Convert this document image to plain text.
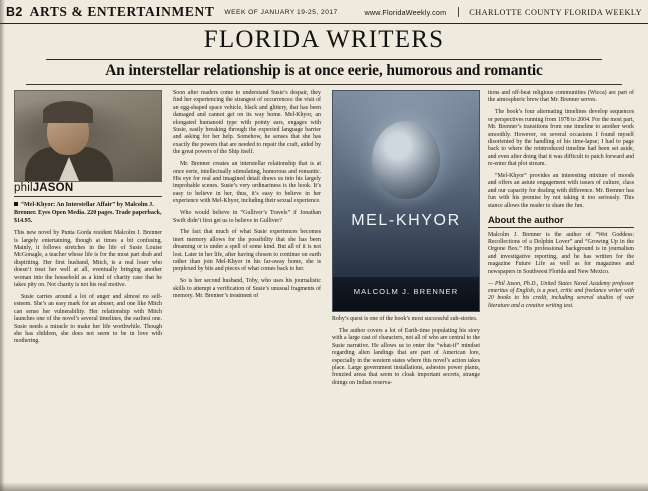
B2 ARTS & ENTERTAINMENT WEEK OF JANUARY 19-25, 2017	www.FloridaWeekly.com	CHARLOTTE COUNTY FLORIDA WEEKLY
FLORIDA WRITERS
An interstellar relationship is at once eerie, humorous and romantic
philJASON
“Mel-Khyor: An Interstellar Affair” by Malcolm J. Brenner. Eyes Open Media. 220 pages. Trade paperback, $14.95.

This new novel by Punta Gorda resident Malcolm J. Brenner is largely entertaining, though at times a bit confusing. Mainly, it follows stretches in the life of Susie Louise McGonagle, a teacher whose life is for the most part drab and dispiriting. Her first husband, Mitch, is a real loser who doesn’t treat her well at all, eventually bringing another woman into the household as a kind of charity case that he takes pity on. Not charity is not his real motive.

Susie carries around a lot of anger and almost no self-esteem. She’s an easy mark for an abuser, and one like Mitch can sense her vulnerability. Her relationship with Mitch launches one of the novel’s several timelines, the earliest one. Susie needs a miracle to make her life worthwhile. Though she has children, she does not seem to be in love with mothering.

Soon after readers come to understand Susie’s despair, they find her experiencing the strangest of occurrences: the visit of an egg-shaped space vehicle, black and glittery, that has been damaged and cannot get on its way home. Mel-Khyor, an elongated humanoid type with pointy ears, engages with Susie, easily breaking through the expected language barrier and asking for her help. Somehow, he senses that she has exactly the powers that are needed to repair the craft, aided by the great powers of the Ship itself.

Mr. Brenner creates an interstellar relationship that is at once eerie, intellectually stimulating, humorous and romantic. His eye for real and imagined detail draws us into his largely improbable scenes. Susie’s very ordinariness is the hook. It’s easy to believe in her, thus, it’s easy to believe in her experience with Mel-Khyor, including their sexual experience.

Who would believe in “Gulliver’s Travels” if Jonathan Swift didn’t first get us to believe in Gulliver?

The fact that much of what Susie experiences becomes inert memory allows for the possibility that she has been dreaming or is under a spell of some kind. But all of it is not lost. Later in her life, after having chosen to continue on earth rather than join Mel-Khyor in his far-away home, she is perplexed by bits and pieces of what comes back to her.

So is her second husband, Toby, who uses his journalistic skills to attempt a verification of Susie’s unusual fragments of memory. Mr. Brenner’s treatment of

MEL-KHYOR
MALCOLM J. BRENNER

Roby’s quest is one of the book’s most successful sub-stories.

The author covers a lot of Earth-time populating his story with a large cast of characters, not all of who are central to the Susie narrative. He allows us to enter the “what-if” mindset regarding alien landings that are part of American lore, especially in the western states where this novel’s action takes place. Large government installations, asbestos power plants, frenzied areas that seem to cloak important secrets, strange doings on Indian reserva-

tions and off-beat religious communities (Wicca) are part of the atmospheric brew that Mr. Brenner serves.

The book’s four alternating timelines develop sequences or perspectives running from 1978 to 2004. For the most part, Mr. Brenner’s transitions from one timeline to another work smoothly. However, on several occasions I found myself disoriented by the handling of his time-lapse; I had to page back to where the reintroduced timeline had been set aside, and even after doing that it was difficult to patch forward and re-enter that plot stream.

“Mel-Khyor” provides an interesting mixture of moods and offers an astute engagement with issues of culture, class and our capacity for dealing with difference. Mr. Brenner has fun with his premise by not taking it too seriously. This stance allows the reader to share the fun.

About the author

Malcolm J. Brenner is the author of “Wet Goddess: Recollections of a Dolphin Lover” and “Growing Up in the Orgone Box.” His professional background is in journalism and investigative reporting, and he has written for the magazine Future Life as well as for magazines and newspapers in Southwest Florida and New Mexico.

— Phil Jason, Ph.D., United States Naval Academy professor emeritus of English, is a poet, critic and freelance writer with 20 books to his credit, including several studies of war literature and a creative writing text.
